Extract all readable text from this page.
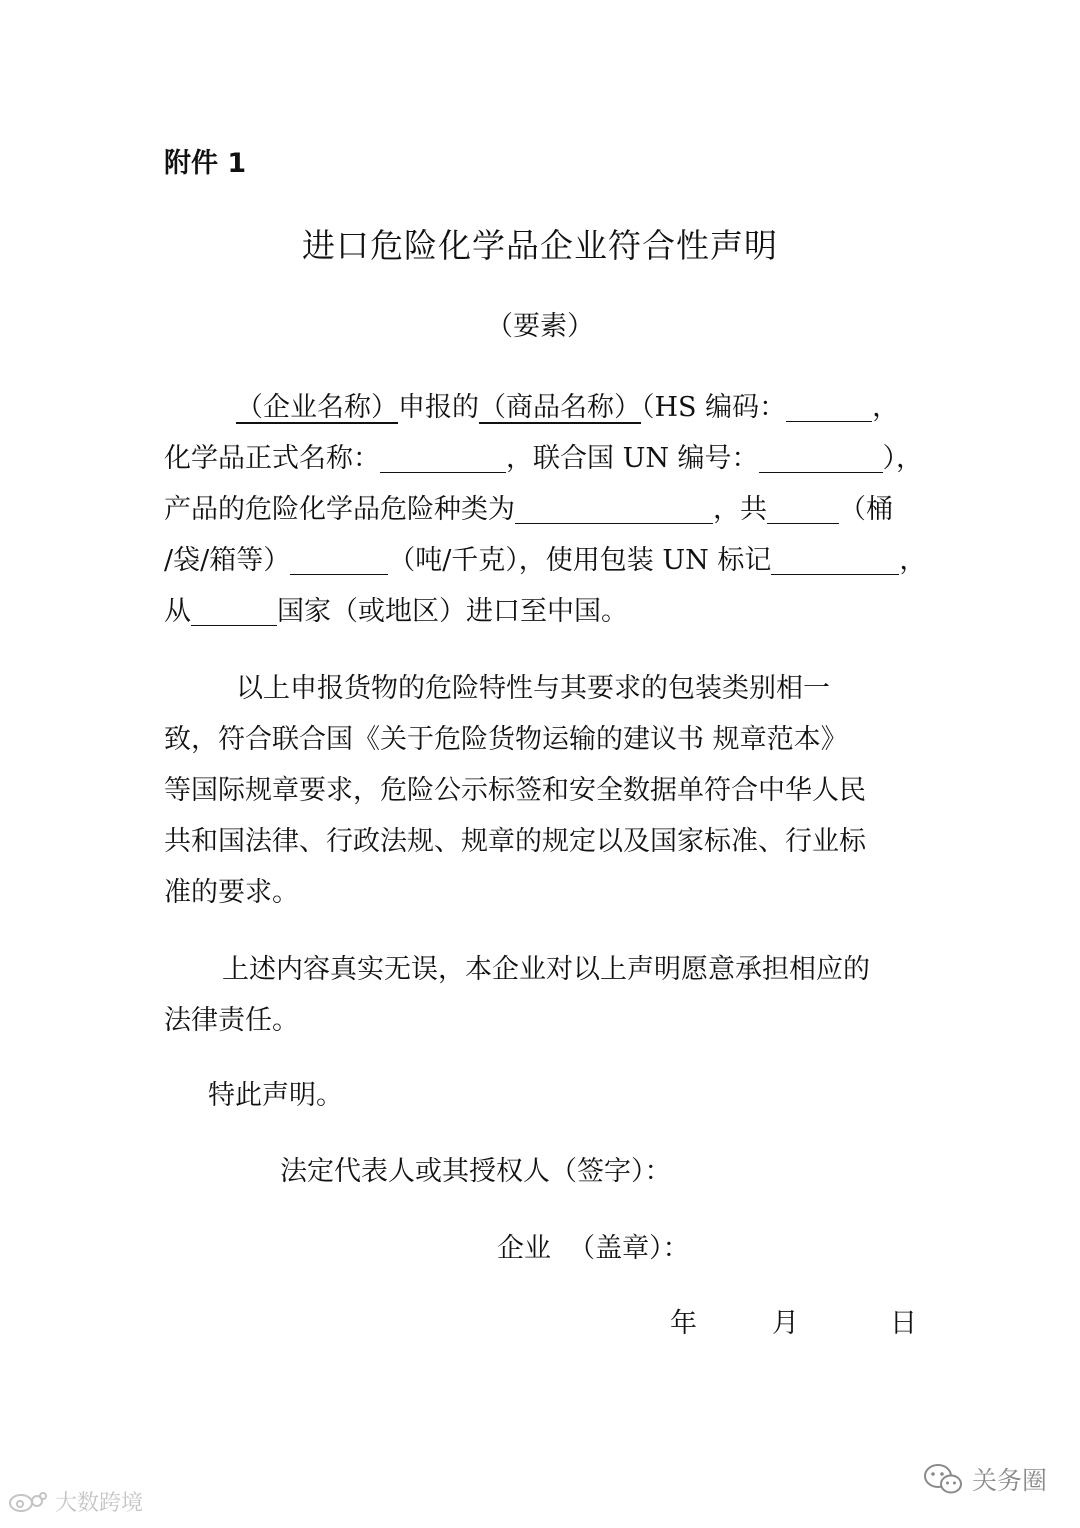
附件 1
进口危险化学品企业符合性声明
（要素）
（企业名称）申报的（商品名称）（HS 编码：	，
化学品正式名称：	，联合国 UN 编号：	），
产品的危险化学品危险种类为	，共	（桶
/袋/箱等）	（吨/千克），使用包装 UN 标记	，
从	国家（或地区）进口至中国。
以上申报货物的危险特性与其要求的包装类别相一
致，符合联合国《关于危险货物运输的建议书 规章范本》
等国际规章要求，危险公示标签和安全数据单符合中华人民
共和国法律、行政法规、规章的规定以及国家标准、行业标
准的要求。
上述内容真实无误，本企业对以上声明愿意承担相应的
法律责任。
特此声明。
法定代表人或其授权人（签字）：
企业  （盖章）：
年	月	日
大数跨境
关务圈
